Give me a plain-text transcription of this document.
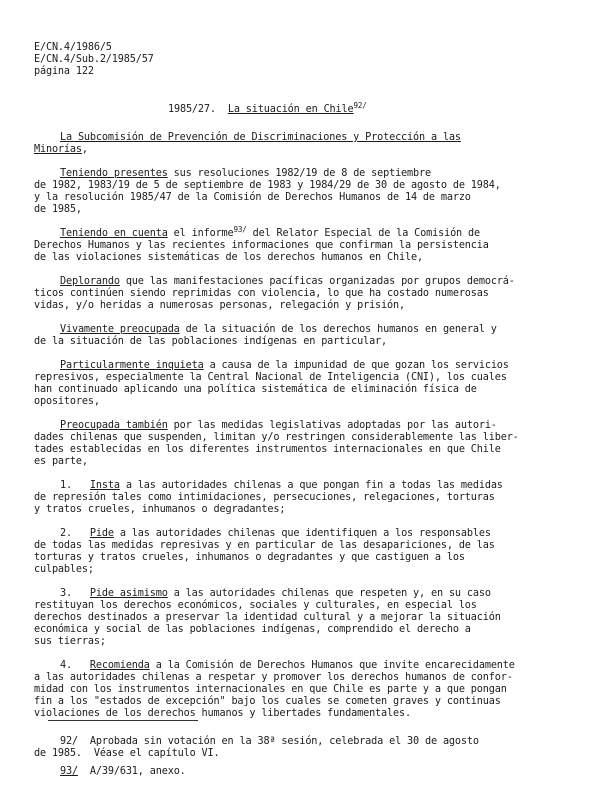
E/CN.4/1986/5
E/CN.4/Sub.2/1985/57
página 122
1985/27. La situación en Chile$^{92/}$
La Subcomisión de Prevención de Discriminaciones y Protección a las
Minorías,
Teniendo presentes sus resoluciones 1982/19 de 8 de septiembre
de 1982, 1983/19 de 5 de septiembre de 1983 y 1984/29 de 30 de agosto de 1984,
y la resolución 1985/47 de la Comisión de Derechos Humanos de 14 de marzo
de 1985,
Teniendo en cuenta el informe$^{93/}$ del Relator Especial de la Comisión de
Derechos Humanos y las recientes informaciones que confirman la persistencia
de las violaciones sistemáticas de los derechos humanos en Chile,
Deplorando que las manifestaciones pacíficas organizadas por grupos democrá-
ticos continúen siendo reprimidas con violencia, lo que ha costado numerosas
vidas, y/o heridas a numerosas personas, relegación y prisión,
Vivamente preocupada de la situación de los derechos humanos en general y
de la situación de las poblaciones indígenas en particular,
Particularmente inquieta a causa de la impunidad de que gozan los servicios
represivos, especialmente la Central Nacional de Inteligencia (CNI), los cuales
han continuado aplicando una política sistemática de eliminación física de
opositores,
Preocupada también por las medidas legislativas adoptadas por las autori-
dades chilenas que suspenden, limitan y/o restringen considerablemente las liber-
tades establecidas en los diferentes instrumentos internacionales en que Chile
es parte,
1. Insta a las autoridades chilenas a que pongan fin a todas las medidas
de represión tales como intimidaciones, persecuciones, relegaciones, torturas
y tratos crueles, inhumanos o degradantes;
2. Pide a las autoridades chilenas que identifiquen a los responsables
de todas las medidas represivas y en particular de las desapariciones, de las
torturas y tratos crueles, inhumanos o degradantes y que castiguen a los
culpables;
3. Pide asimismo a las autoridades chilenas que respeten y, en su caso
restituyan los derechos económicos, sociales y culturales, en especial los
derechos destinados a preservar la identidad cultural y a mejorar la situación
económica y social de las poblaciones indígenas, comprendido el derecho a
sus tierras;
4. Recomienda a la Comisión de Derechos Humanos que invite encarecidamente
a las autoridades chilenas a respetar y promover los derechos humanos de confor-
midad con los instrumentos internacionales en que Chile es parte y a que pongan
fin a los "estados de excepción" bajo los cuales se cometen graves y continuas
violaciones de los derechos humanos y libertades fundamentales.
92/ Aprobada sin votación en la 38ª sesión, celebrada el 30 de agosto
de 1985.  Véase el capítulo VI.
93/ A/39/631, anexo.
